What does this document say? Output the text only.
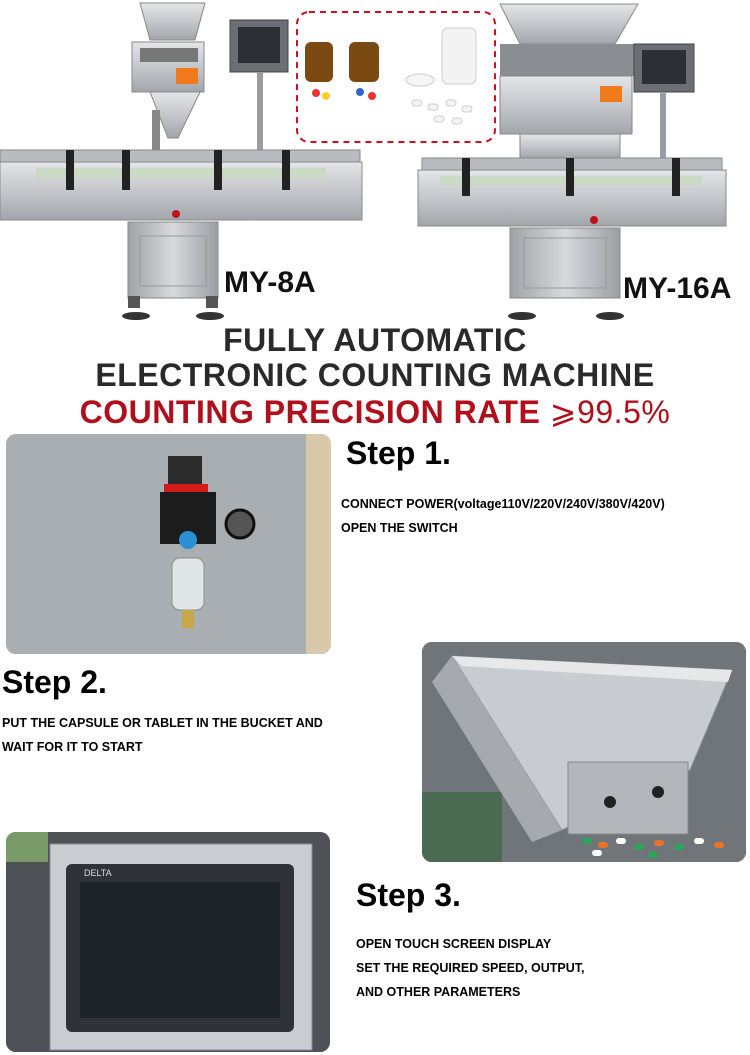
MY-8A	MY-16A
FULLY AUTOMATIC
ELECTRONIC COUNTING MACHINE
COUNTING PRECISION RATE ⩾99.5%
Step 1.
CONNECT POWER(voltage110V/220V/240V/380V/420V)
OPEN THE SWITCH
Step 2.
PUT THE CAPSULE OR TABLET IN THE BUCKET AND
WAIT FOR IT TO START
DELTA
Step 3.
OPEN TOUCH SCREEN DISPLAY
SET THE REQUIRED SPEED, OUTPUT,
AND OTHER PARAMETERS
